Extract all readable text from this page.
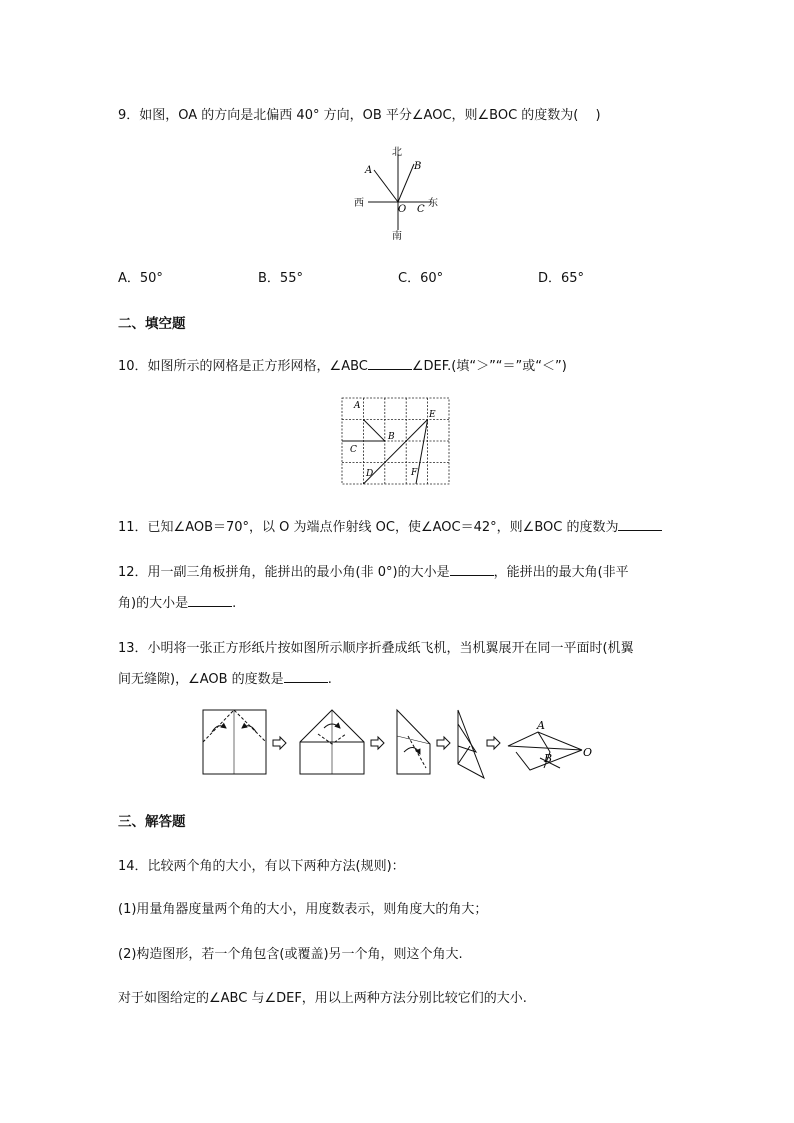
9．如图，OA 的方向是北偏西 40° 方向，OB 平分∠AOC，则∠BOC 的度数为(　 )
北
南
西	东
A	B
O C
A．50°	B．55°	C．60°	D．65°
二、填空题
10．如图所示的网格是正方形网格，∠ABC	∠DEF.(填“＞”“＝”或“＜”)
A
B
C
D
E
F
11．已知∠AOB＝70°，以 O 为端点作射线 OC，使∠AOC＝42°，则∠BOC 的度数为
12．用一副三角板拼角，能拼出的最小角(非 0°)的大小是	，能拼出的最大角(非平
角)的大小是	.
13．小明将一张正方形纸片按如图所示顺序折叠成纸飞机，当机翼展开在同一平面时(机翼
间无缝隙)，∠AOB 的度数是	.
A
B	O
三、解答题
14．比较两个角的大小，有以下两种方法(规则)：
(1)用量角器度量两个角的大小，用度数表示，则角度大的角大；
(2)构造图形，若一个角包含(或覆盖)另一个角，则这个角大.
对于如图给定的∠ABC 与∠DEF，用以上两种方法分别比较它们的大小.
